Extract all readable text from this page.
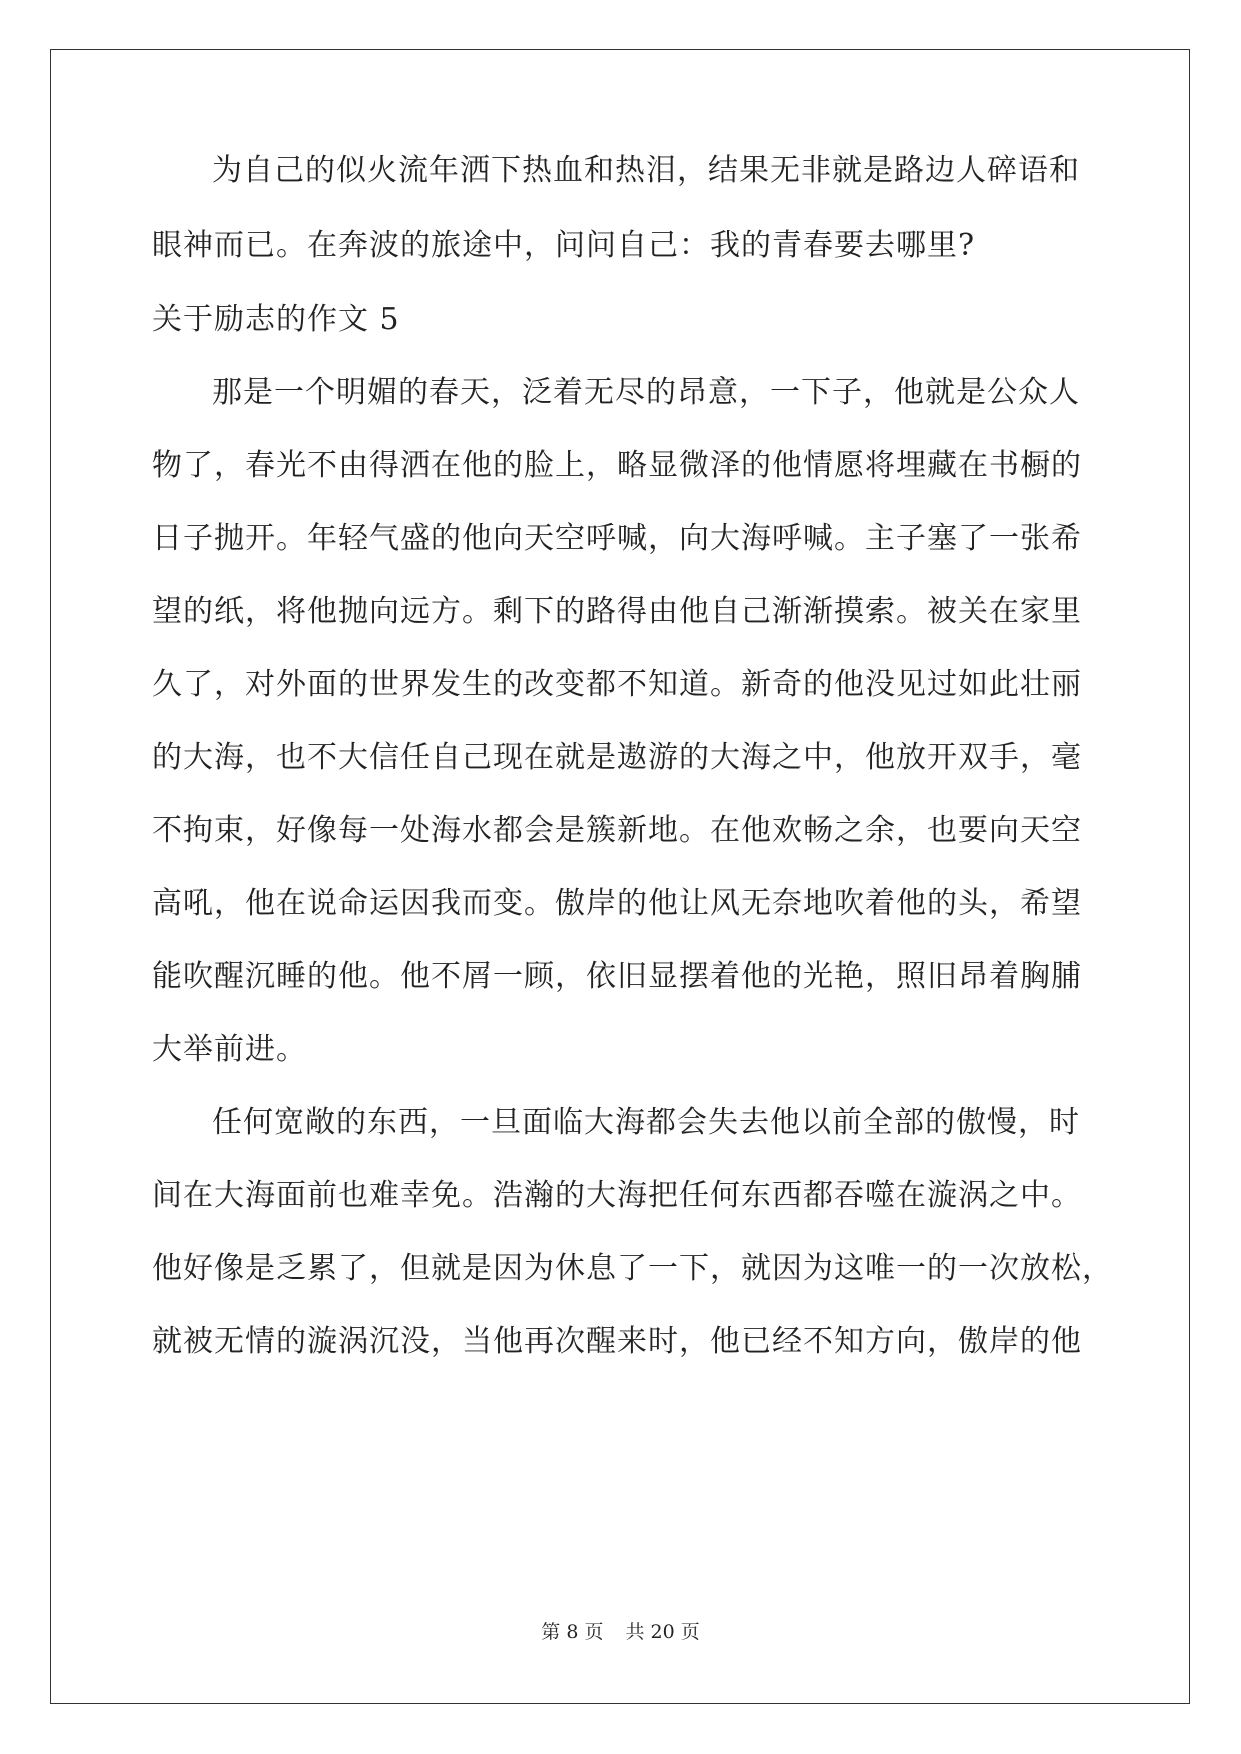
为自己的似火流年洒下热血和热泪，结果无非就是路边人碎语和
眼神而已。在奔波的旅途中，问问自己：我的青春要去哪里?
关于励志的作文 5
那是一个明媚的春天，泛着无尽的昂意，一下子，他就是公众人
物了，春光不由得洒在他的脸上，略显微泽的他情愿将埋藏在书橱的
日子抛开。年轻气盛的他向天空呼喊，向大海呼喊。主子塞了一张希
望的纸，将他抛向远方。剩下的路得由他自己渐渐摸索。被关在家里
久了，对外面的世界发生的改变都不知道。新奇的他没见过如此壮丽
的大海，也不大信任自己现在就是遨游的大海之中，他放开双手，毫
不拘束，好像每一处海水都会是簇新地。在他欢畅之余，也要向天空
高吼，他在说命运因我而变。傲岸的他让风无奈地吹着他的头，希望
能吹醒沉睡的他。他不屑一顾，依旧显摆着他的光艳，照旧昂着胸脯
大举前进。
任何宽敞的东西，一旦面临大海都会失去他以前全部的傲慢，时
间在大海面前也难幸免。浩瀚的大海把任何东西都吞噬在漩涡之中。
他好像是乏累了，但就是因为休息了一下，就因为这唯一的一次放松，
就被无情的漩涡沉没，当他再次醒来时，他已经不知方向，傲岸的他
第 8 页 共 20 页
